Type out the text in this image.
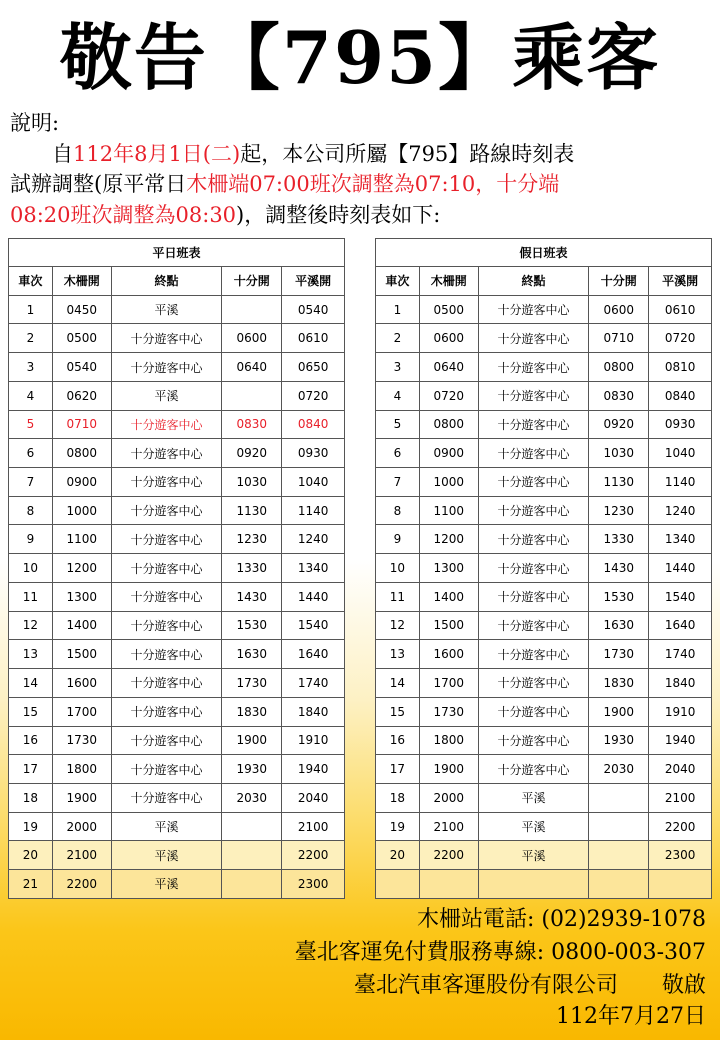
敬告【795】乘客
說明:
　　自112年8月1日(二)起，本公司所屬【795】路線時刻表
試辦調整(原平常日木柵端07:00班次調整為07:10，十分端
08:20班次調整為08:30)，調整後時刻表如下:
平日班表				
車次	木柵開	終點	十分開	平溪開
1	0450	平溪		0540
2	0500	十分遊客中心	0600	0610
3	0540	十分遊客中心	0640	0650
4	0620	平溪		0720
5	0710	十分遊客中心	0830	0840
6	0800	十分遊客中心	0920	0930
7	0900	十分遊客中心	1030	1040
8	1000	十分遊客中心	1130	1140
9	1100	十分遊客中心	1230	1240
10	1200	十分遊客中心	1330	1340
11	1300	十分遊客中心	1430	1440
12	1400	十分遊客中心	1530	1540
13	1500	十分遊客中心	1630	1640
14	1600	十分遊客中心	1730	1740
15	1700	十分遊客中心	1830	1840
16	1730	十分遊客中心	1900	1910
17	1800	十分遊客中心	1930	1940
18	1900	十分遊客中心	2030	2040
19	2000	平溪		2100
20	2100	平溪		2200
21	2200	平溪		2300
假日班表				
車次	木柵開	終點	十分開	平溪開
1	0500	十分遊客中心	0600	0610
2	0600	十分遊客中心	0710	0720
3	0640	十分遊客中心	0800	0810
4	0720	十分遊客中心	0830	0840
5	0800	十分遊客中心	0920	0930
6	0900	十分遊客中心	1030	1040
7	1000	十分遊客中心	1130	1140
8	1100	十分遊客中心	1230	1240
9	1200	十分遊客中心	1330	1340
10	1300	十分遊客中心	1430	1440
11	1400	十分遊客中心	1530	1540
12	1500	十分遊客中心	1630	1640
13	1600	十分遊客中心	1730	1740
14	1700	十分遊客中心	1830	1840
15	1730	十分遊客中心	1900	1910
16	1800	十分遊客中心	1930	1940
17	1900	十分遊客中心	2030	2040
18	2000	平溪		2100
19	2100	平溪		2200
20	2200	平溪		2300

木柵站電話: (02)2939-1078
臺北客運免付費服務專線: 0800-003-307
臺北汽車客運股份有限公司　　敬啟
112年7月27日
